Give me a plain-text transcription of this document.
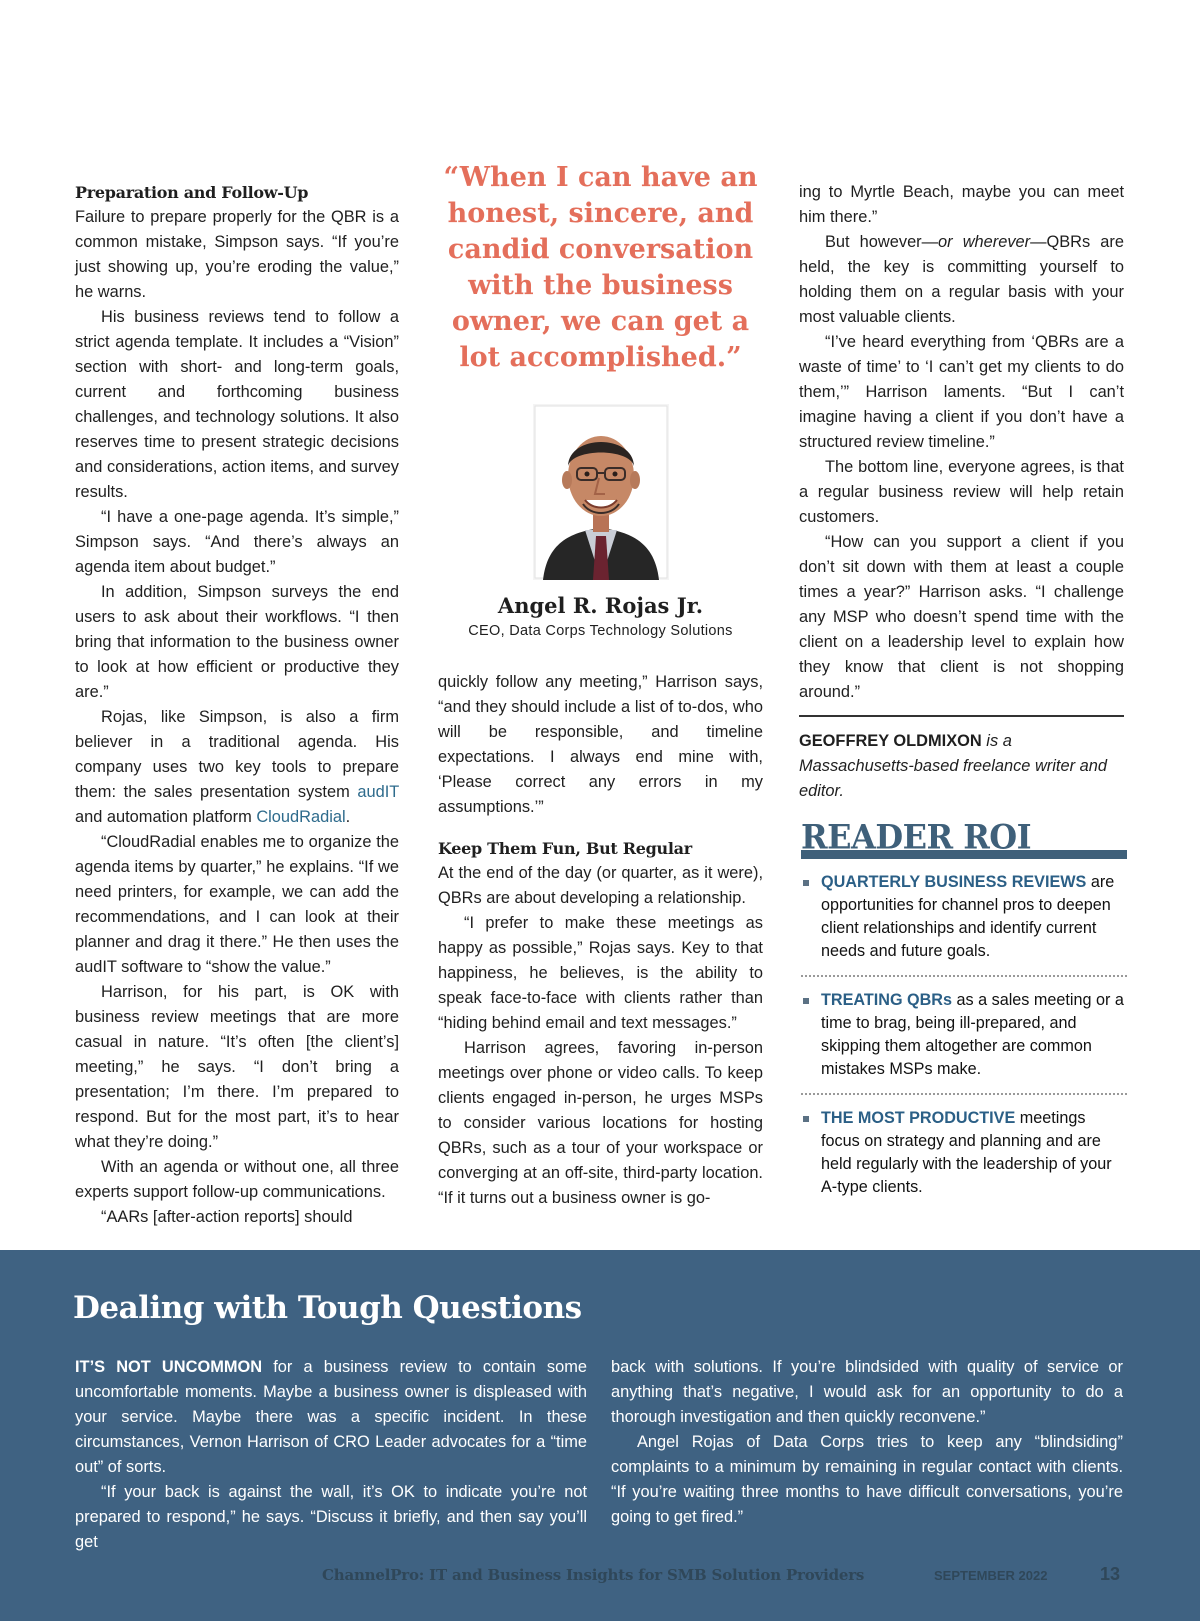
Preparation and Follow-Up

Failure to prepare properly for the QBR is a common mistake, Simpson says. “If you’re just showing up, you’re eroding the value,” he warns.

His business reviews tend to follow a strict agenda template. It includes a “Vision” section with short- and long-term goals, current and forthcoming business challenges, and technology solutions. It also reserves time to present strategic decisions and considerations, action items, and survey results.

“I have a one-page agenda. It’s simple,” Simpson says. “And there’s always an agenda item about budget.”

In addition, Simpson surveys the end users to ask about their workflows. “I then bring that information to the business owner to look at how efficient or productive they are.”

Rojas, like Simpson, is also a firm believer in a traditional agenda. His company uses two key tools to prepare them: the sales presentation system audIT and automation platform CloudRadial.

“CloudRadial enables me to organize the agenda items by quarter,” he explains. “If we need printers, for example, we can add the recommendations, and I can look at their planner and drag it there.” He then uses the audIT software to “show the value.”

Harrison, for his part, is OK with business review meetings that are more casual in nature. “It’s often [the client’s] meeting,” he says. “I don’t bring a presentation; I’m there. I’m prepared to respond. But for the most part, it’s to hear what they’re doing.”

With an agenda or without one, all three experts support follow-up communications.

“AARs [after-action reports] should

“When I can have an honest, sincere, and candid conversation with the business owner, we can get a lot accomplished.”
Angel R. Rojas Jr.
CEO, Data Corps Technology Solutions

quickly follow any meeting,” Harrison says, “and they should include a list of to-dos, who will be responsible, and timeline expectations. I always end mine with, ‘Please correct any errors in my assumptions.’”

Keep Them Fun, But Regular

At the end of the day (or quarter, as it were), QBRs are about developing a relationship.

“I prefer to make these meetings as happy as possible,” Rojas says. Key to that happiness, he believes, is the ability to speak face-to-face with clients rather than “hiding behind email and text messages.”

Harrison agrees, favoring in-person meetings over phone or video calls. To keep clients engaged in-person, he urges MSPs to consider various locations for hosting QBRs, such as a tour of your workspace or converging at an off-site, third-party location. “If it turns out a business owner is go-

ing to Myrtle Beach, maybe you can meet him there.”

But however—or wherever—QBRs are held, the key is committing yourself to holding them on a regular basis with your most valuable clients.

“I’ve heard everything from ‘QBRs are a waste of time’ to ‘I can’t get my clients to do them,’” Harrison laments. “But I can’t imagine having a client if you don’t have a structured review timeline.”

The bottom line, everyone agrees, is that a regular business review will help retain customers.

“How can you support a client if you don’t sit down with them at least a couple times a year?” Harrison asks. “I challenge any MSP who doesn’t spend time with the client on a leadership level to explain how they know that client is not shopping around.”

GEOFFREY OLDMIXON is a Massachusetts-based freelance writer and editor.
READER ROI
QUARTERLY BUSINESS REVIEWS are opportunities for channel pros to deepen client relationships and identify current needs and future goals.
TREATING QBRs as a sales meeting or a time to brag, being ill-prepared, and skipping them altogether are common mistakes MSPs make.
THE MOST PRODUCTIVE meetings focus on strategy and planning and are held regularly with the leadership of your A-type clients.
Dealing with Tough Questions

IT’S NOT UNCOMMON for a business review to contain some uncomfortable moments. Maybe a business owner is displeased with your service. Maybe there was a specific incident. In these circumstances, Vernon Harrison of CRO Leader advocates for a “time out” of sorts.

“If your back is against the wall, it’s OK to indicate you’re not prepared to respond,” he says. “Discuss it briefly, and then say you’ll get

back with solutions. If you’re blindsided with quality of service or anything that’s negative, I would ask for an opportunity to do a thorough investigation and then quickly reconvene.”

Angel Rojas of Data Corps tries to keep any “blindsiding” complaints to a minimum by remaining in regular contact with clients. “If you’re waiting three months to have difficult conversations, you’re going to get fired.”

ChannelPro: IT and Business Insights for SMB Solution Providers	SEPTEMBER 2022	13
